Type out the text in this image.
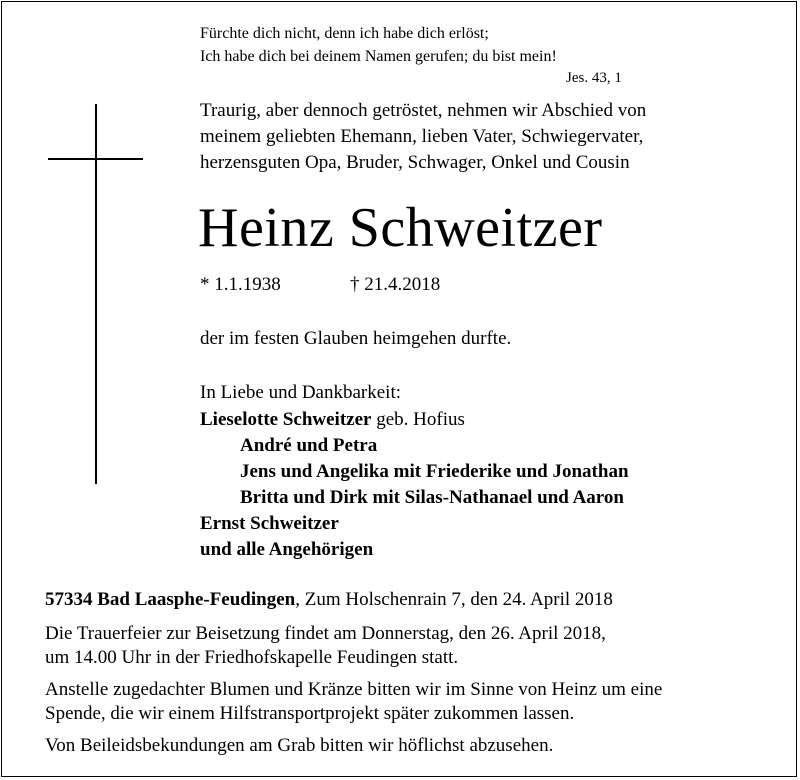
Fürchte dich nicht, denn ich habe dich erlöst;
Ich habe dich bei deinem Namen gerufen; du bist mein!
Jes. 43, 1
Traurig, aber dennoch getröstet, nehmen wir Abschied von
meinem geliebten Ehemann, lieben Vater, Schwiegervater,
herzensguten Opa, Bruder, Schwager, Onkel und Cousin
Heinz Schweitzer
* 1.1.1938	† 21.4.2018
der im festen Glauben heimgehen durfte.
In Liebe und Dankbarkeit:
Lieselotte Schweitzer geb. Hofius
André und Petra
Jens und Angelika mit Friederike und Jonathan
Britta und Dirk mit Silas-Nathanael und Aaron
Ernst Schweitzer
und alle Angehörigen
57334 Bad Laasphe-Feudingen, Zum Holschenrain 7, den 24. April 2018
Die Trauerfeier zur Beisetzung findet am Donnerstag, den 26. April 2018,
um 14.00 Uhr in der Friedhofskapelle Feudingen statt.
Anstelle zugedachter Blumen und Kränze bitten wir im Sinne von Heinz um eine
Spende, die wir einem Hilfstransportprojekt später zukommen lassen.
Von Beileidsbekundungen am Grab bitten wir höflichst abzusehen.
